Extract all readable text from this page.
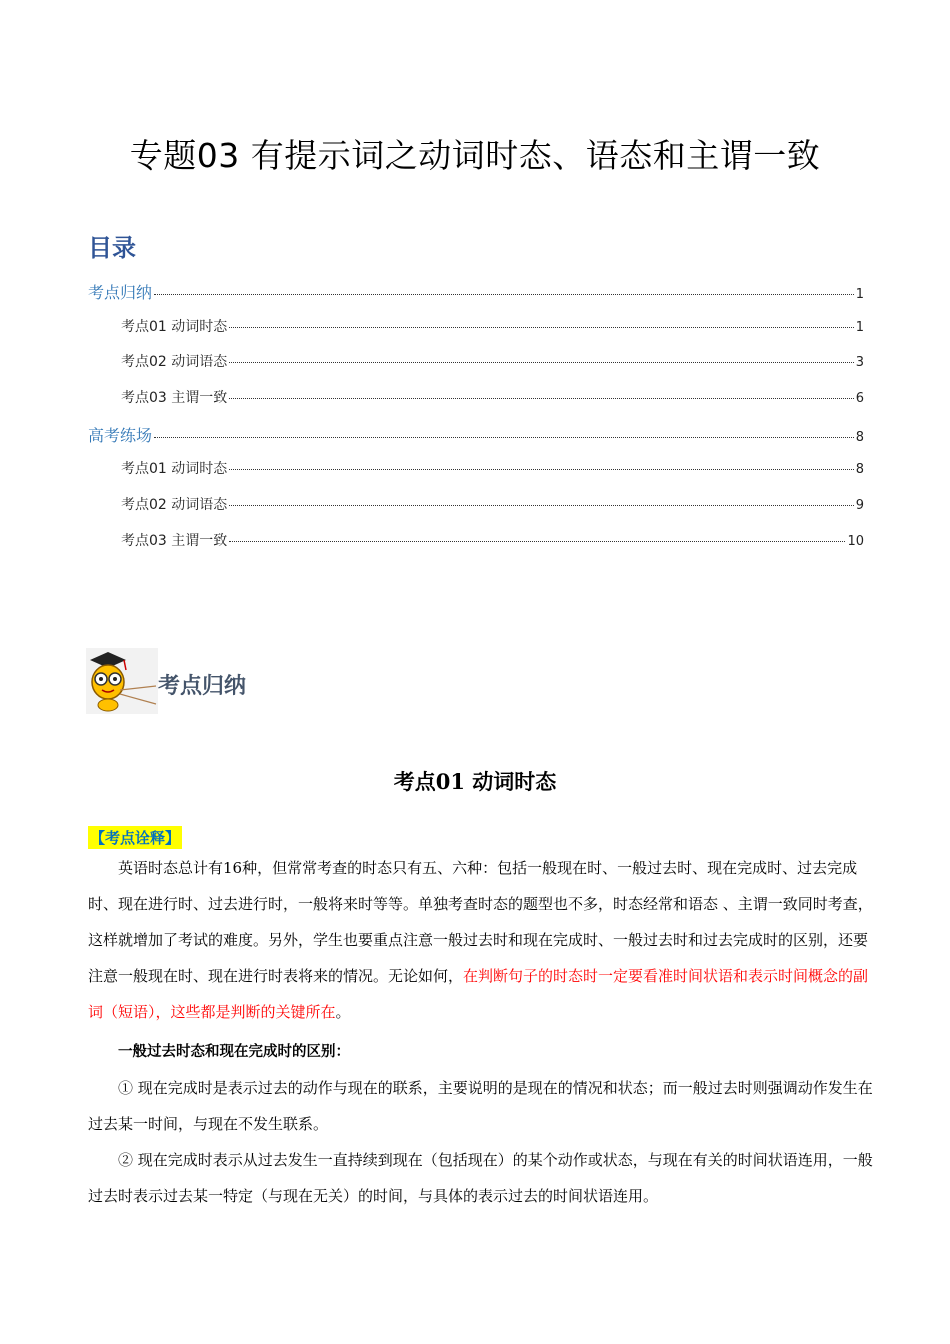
专题03 有提示词之动词时态、语态和主谓一致
目录
考点归纳	1
考点01 动词时态	1
考点02 动词语态	3
考点03 主谓一致	6
高考练场	8
考点01 动词时态	8
考点02 动词语态	9
考点03 主谓一致	10
考点归纳
考点01 动词时态
【考点诠释】
英语时态总计有16种，但常常考查的时态只有五、六种：包括一般现在时、一般过去时、现在完成时、过去完成时、现在进行时、过去进行时，一般将来时等等。单独考查时态的题型也不多，时态经常和语态 、主谓一致同时考查，这样就增加了考试的难度。另外，学生也要重点注意一般过去时和现在完成时、一般过去时和过去完成时的区别，还要注意一般现在时、现在进行时表将来的情况。无论如何，在判断句子的时态时一定要看准时间状语和表示时间概念的副词（短语），这些都是判断的关键所在。
一般过去时态和现在完成时的区别：
① 现在完成时是表示过去的动作与现在的联系，主要说明的是现在的情况和状态；而一般过去时则强调动作发生在过去某一时间，与现在不发生联系。
② 现在完成时表示从过去发生一直持续到现在（包括现在）的某个动作或状态，与现在有关的时间状语连用，一般过去时表示过去某一特定（与现在无关）的时间，与具体的表示过去的时间状语连用。
